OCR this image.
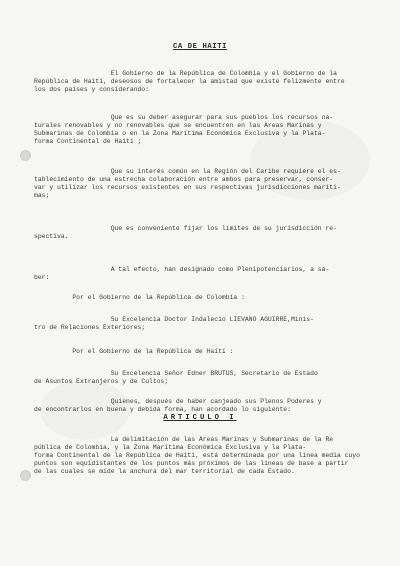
CA DE HAITI
El Gobierno de la República de Colombia y el Gobierno de la
República de Haití, deseosos de fortalecer la amistad que existe felizmente entre
los dos países y considerando:
Que es su deber asegurar para sus pueblos los recursos na-
turales renovables y no renovables que se encuentren en las Areas Marinas y
Submarinas de Colombia o en la Zona Marítima Económica Exclusiva y la Plata-
forma Continental de Haití ;
Que su interés común en la Región del Caribe requiere el es-
tablecimiento de una estrecha colaboración entre ambos para preservar, conser-
var y utilizar los recursos existentes en sus respectivas jurisdicciones maríti-
mas;
Que es conveniente fijar los límites de su jurisdicción re-
spectiva.
A tal efecto, han designado como Plenipotenciarios, a sa-
ber:
Por el Gobierno de la República de Colombia :
Su Excelencia Doctor Indalecio LIEVANO AGUIRRE,Minis-
tro de Relaciones Exteriores;
Por el Gobierno de la República de Haití :
Su Excelencia Señor Edner BRUTUS, Secretario de Estado
de Asuntos Extranjeros y de Cultos;
Quienes, después de haber canjeado sus Plenos Poderes y
de encontrarlos en buena y debida forma, han acordado lo siguiente:
ARTICULO I
La delimitación de las Areas Marinas y Submarinas de la Re
pública de Colombia, y la Zona Marítima Económica Exclusiva y la Plata-
forma Continental de la República de Haití, está determinada por una línea media cuyo
puntos son equidistantes de los puntos más próximos de las líneas de base a partir
de las cuales se mide la anchura del mar territorial de cada Estado.
